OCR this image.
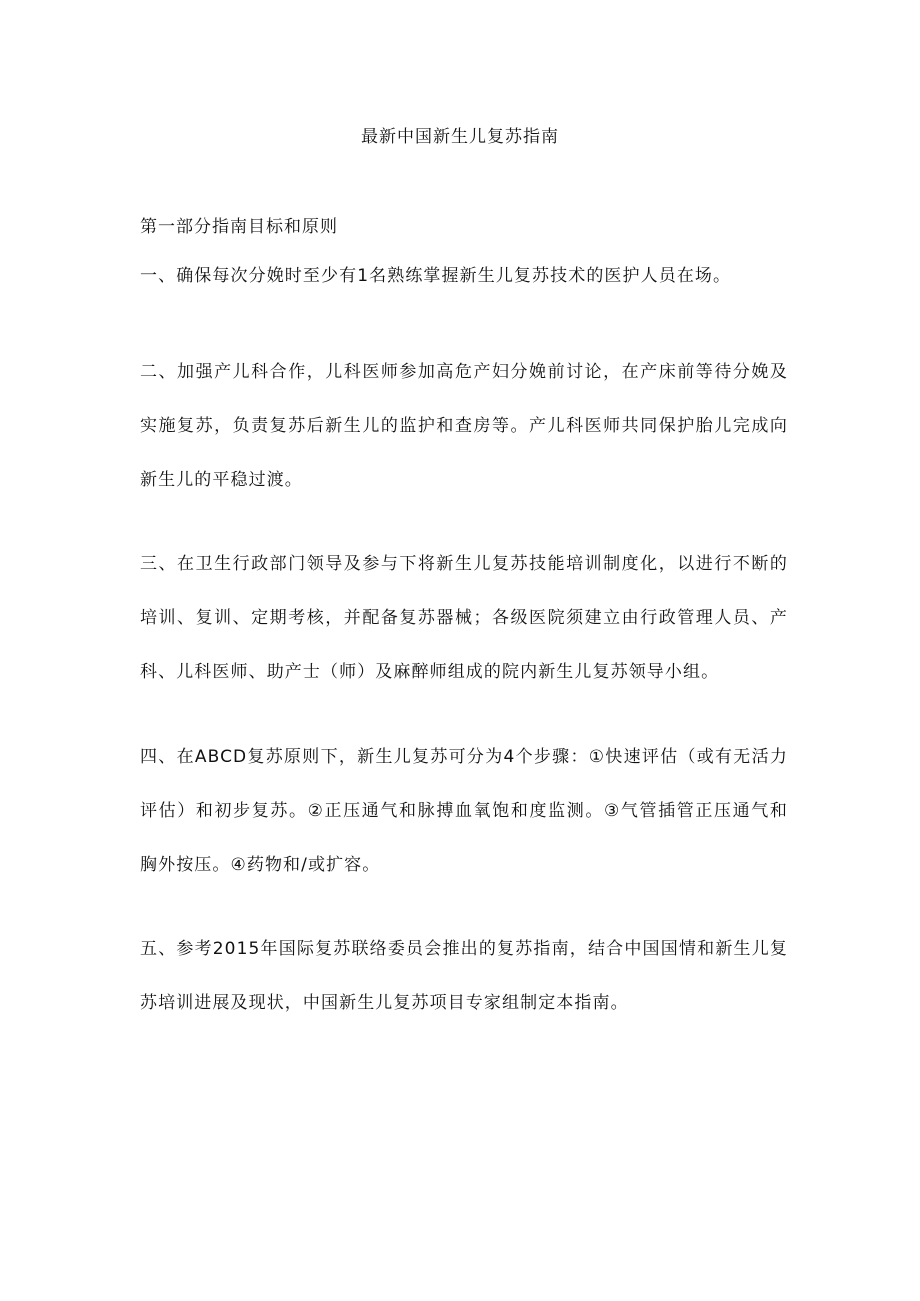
最新中国新生儿复苏指南
第一部分指南目标和原则

一、确保每次分娩时至少有1名熟练掌握新生儿复苏技术的医护人员在场。

二、加强产儿科合作，儿科医师参加高危产妇分娩前讨论，在产床前等待分娩及实施复苏，负责复苏后新生儿的监护和查房等。产儿科医师共同保护胎儿完成向新生儿的平稳过渡。

三、在卫生行政部门领导及参与下将新生儿复苏技能培训制度化，以进行不断的培训、复训、定期考核，并配备复苏器械；各级医院须建立由行政管理人员、产科、儿科医师、助产士（师）及麻醉师组成的院内新生儿复苏领导小组。

四、在ABCD复苏原则下，新生儿复苏可分为4个步骤：①快速评估（或有无活力评估）和初步复苏。②正压通气和脉搏血氧饱和度监测。③气管插管正压通气和胸外按压。④药物和/或扩容。

五、参考2015年国际复苏联络委员会推出的复苏指南，结合中国国情和新生儿复苏培训进展及现状，中国新生儿复苏项目专家组制定本指南。
